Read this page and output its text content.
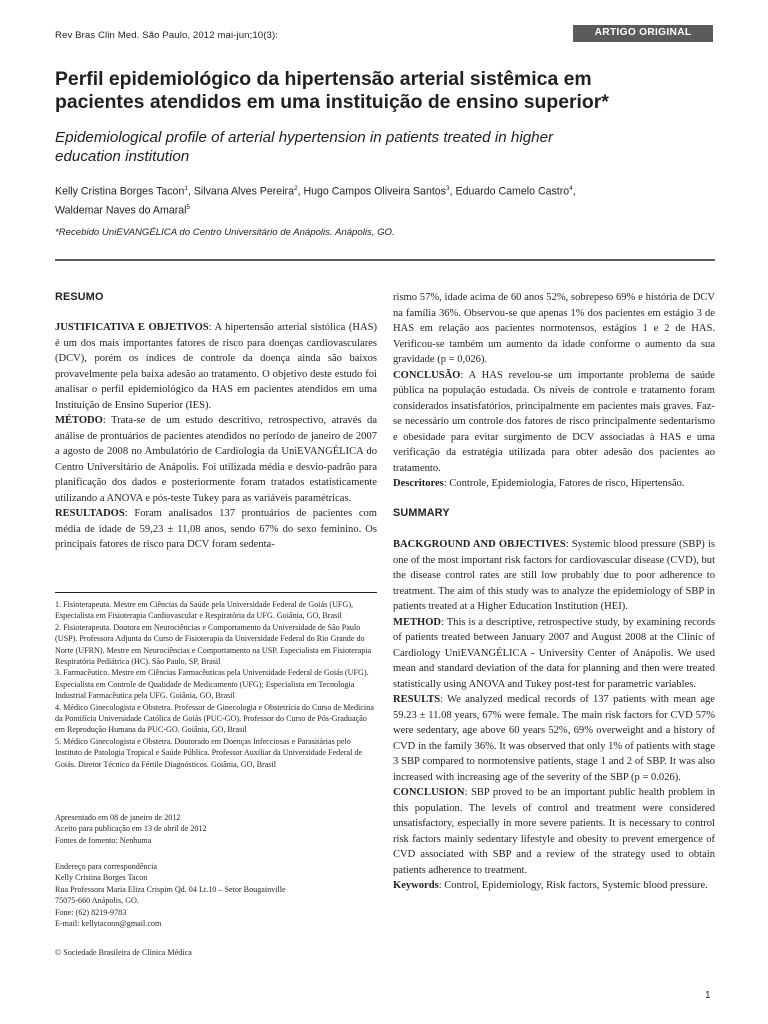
Rev Bras Clin Med. São Paulo, 2012 mai-jun;10(3):	ARTIGO ORIGINAL
Perfil epidemiológico da hipertensão arterial sistêmica em
pacientes atendidos em uma instituição de ensino superior*
Epidemiological profile of arterial hypertension in patients treated in higher
education institution
Kelly Cristina Borges Tacon$^1$, Silvana Alves Pereira$^2$, Hugo Campos Oliveira Santos$^3$, Eduardo Camelo Castro$^4$,
Waldemar Naves do Amaral$^5$
*Recebido UniEVANGÉLICA do Centro Universitário de Anápolis. Anápolis, GO.
RESUMO
JUSTIFICATIVA E OBJETIVOS: A hipertensão arterial sistólica (HAS) é um dos mais importantes fatores de risco para doenças cardiovasculares (DCV), porém os índices de controle da doença ainda são baixos provavelmente pela baixa adesão ao tratamento. O objetivo deste estudo foi analisar o perfil epidemiológico da HAS em pacientes atendidos em uma Instituição de Ensino Superior (IES).
MÉTODO: Trata-se de um estudo descritivo, retrospectivo, através da análise de prontuários de pacientes atendidos no período de janeiro de 2007 a agosto de 2008 no Ambulatório de Cardiologia da UniEVANGÉLICA do Centro Universitário de Anápolis. Foi utilizada média e desvio-padrão para planificação dos dados e posteriormente foram tratados estatisticamente utilizando a ANOVA e pós-teste Tukey para as variáveis paramétricas.
RESULTADOS: Foram analisados 137 prontuários de pacientes com média de idade de 59,23 ± 11,08 anos, sendo 67% do sexo feminino. Os principais fatores de risco para DCV foram sedenta-

1. Fisioterapeuta. Mestre em Ciências da Saúde pela Universidade Federal de Goiás (UFG), Especialista em Fisioterapia Cardiovascular e Respiratória da UFG. Goiânia, GO, Brasil

2. Fisioterapeuta. Doutora em Neurociências e Comportamento da Universidade de São Paulo (USP). Professora Adjunta do Curso de Fisioterapia da Universidade Federal do Rio Grande do Norte (UFRN). Mestre em Neurociências e Comportamento na USP. Especialista em Fisioterapia Respiratória Pediátrica (HC). São Paulo, SP, Brasil

3. Farmacêutico. Mestre em Ciências Farmacêuticas pela Universidade Federal de Goiás (UFG). Especialista em Controle de Qualidade de Medicamento (UFG); Especialista em Tecnologia Industrial Farmacêutica pela UFG. Goiânia, GO, Brasil

4. Médico Ginecologista e Obstetra. Professor de Ginecologia e Obstetrícia do Curso de Medicina da Pontifícia Universidade Católica de Goiás (PUC-GO). Professor do Curso de Pós-Graduação em Reprodução Humana da PUC-GO. Goiânia, GO, Brasil

5. Médico Ginecologista e Obstetra. Doutorado em Doenças Infecciosas e Parasitárias pelo Instituto de Patologia Tropical e Saúde Pública. Professor Auxiliar da Universidade Federal de Goiás. Diretor Técnico da Fértile Diagnósticos. Goiânia, GO, Brasil

Apresentado em 08 de janeiro de 2012
Aceito para publicação em 13 de abril de 2012
Fontes de fomento: Nenhuma
Endereço para correspondência
Kelly Cristina Borges Tacon
Rua Professora Maria Eliza Crispim Qd. 04 Lt.10 – Setor Bougainville
75075-660 Anápolis, GO.
Fone: (62) 8219-9783
E-mail: kellytaconn@gmail.com
© Sociedade Brasileira de Clínica Médica
rismo 57%, idade acima de 60 anos 52%, sobrepeso 69% e história de DCV na família 36%. Observou-se que apenas 1% dos pacientes em estágio 3 de HAS em relação aos pacientes normotensos, estágios 1 e 2 de HAS. Verificou-se também um aumento da idade conforme o aumento da sua gravidade (p = 0,026).
CONCLUSÃO: A HAS revelou-se um importante problema de saúde pública na população estudada. Os níveis de controle e tratamento foram considerados insatisfatórios, principalmente em pacientes mais graves. Faz-se necessário um controle dos fatores de risco principalmente sedentarismo e obesidade para evitar surgimento de DCV associadas à HAS e uma verificação da estratégia utilizada para obter adesão dos pacientes ao tratamento.
Descritores: Controle, Epidemiologia, Fatores de risco, Hipertensão.
SUMMARY
BACKGROUND AND OBJECTIVES: Systemic blood pressure (SBP) is one of the most important risk factors for cardiovascular disease (CVD), but the disease control rates are still low probably due to poor adherence to treatment. The aim of this study was to analyze the epidemiology of SBP in patients treated at a Higher Education Institution (HEI).
METHOD: This is a descriptive, retrospective study, by examining records of patients treated between January 2007 and August 2008 at the Clinic of Cardiology UniEVANGÉLICA - University Center of Anápolis. We used mean and standard deviation of the data for planning and then were treated statistically using ANOVA and Tukey post-test for parametric variables.
RESULTS: We analyzed medical records of 137 patients with mean age 59.23 ± 11.08 years, 67% were female. The main risk factors for CVD 57% were sedentary, age above 60 years 52%, 69% overweight and a history of CVD in the family 36%. It was observed that only 1% of patients with stage 3 SBP compared to normotensive patients, stage 1 and 2 of SBP. It was also increased with increasing age of the severity of the SBP (p = 0.026).
CONCLUSION: SBP proved to be an important public health problem in this population. The levels of control and treatment were considered unsatisfactory, especially in more severe patients. It is necessary to control risk factors mainly sedentary lifestyle and obesity to prevent emergence of CVD associated with SBP and a review of the strategy used to obtain patients adherence to treatment.
Keywords: Control, Epidemiology, Risk factors, Systemic blood pressure.
1
